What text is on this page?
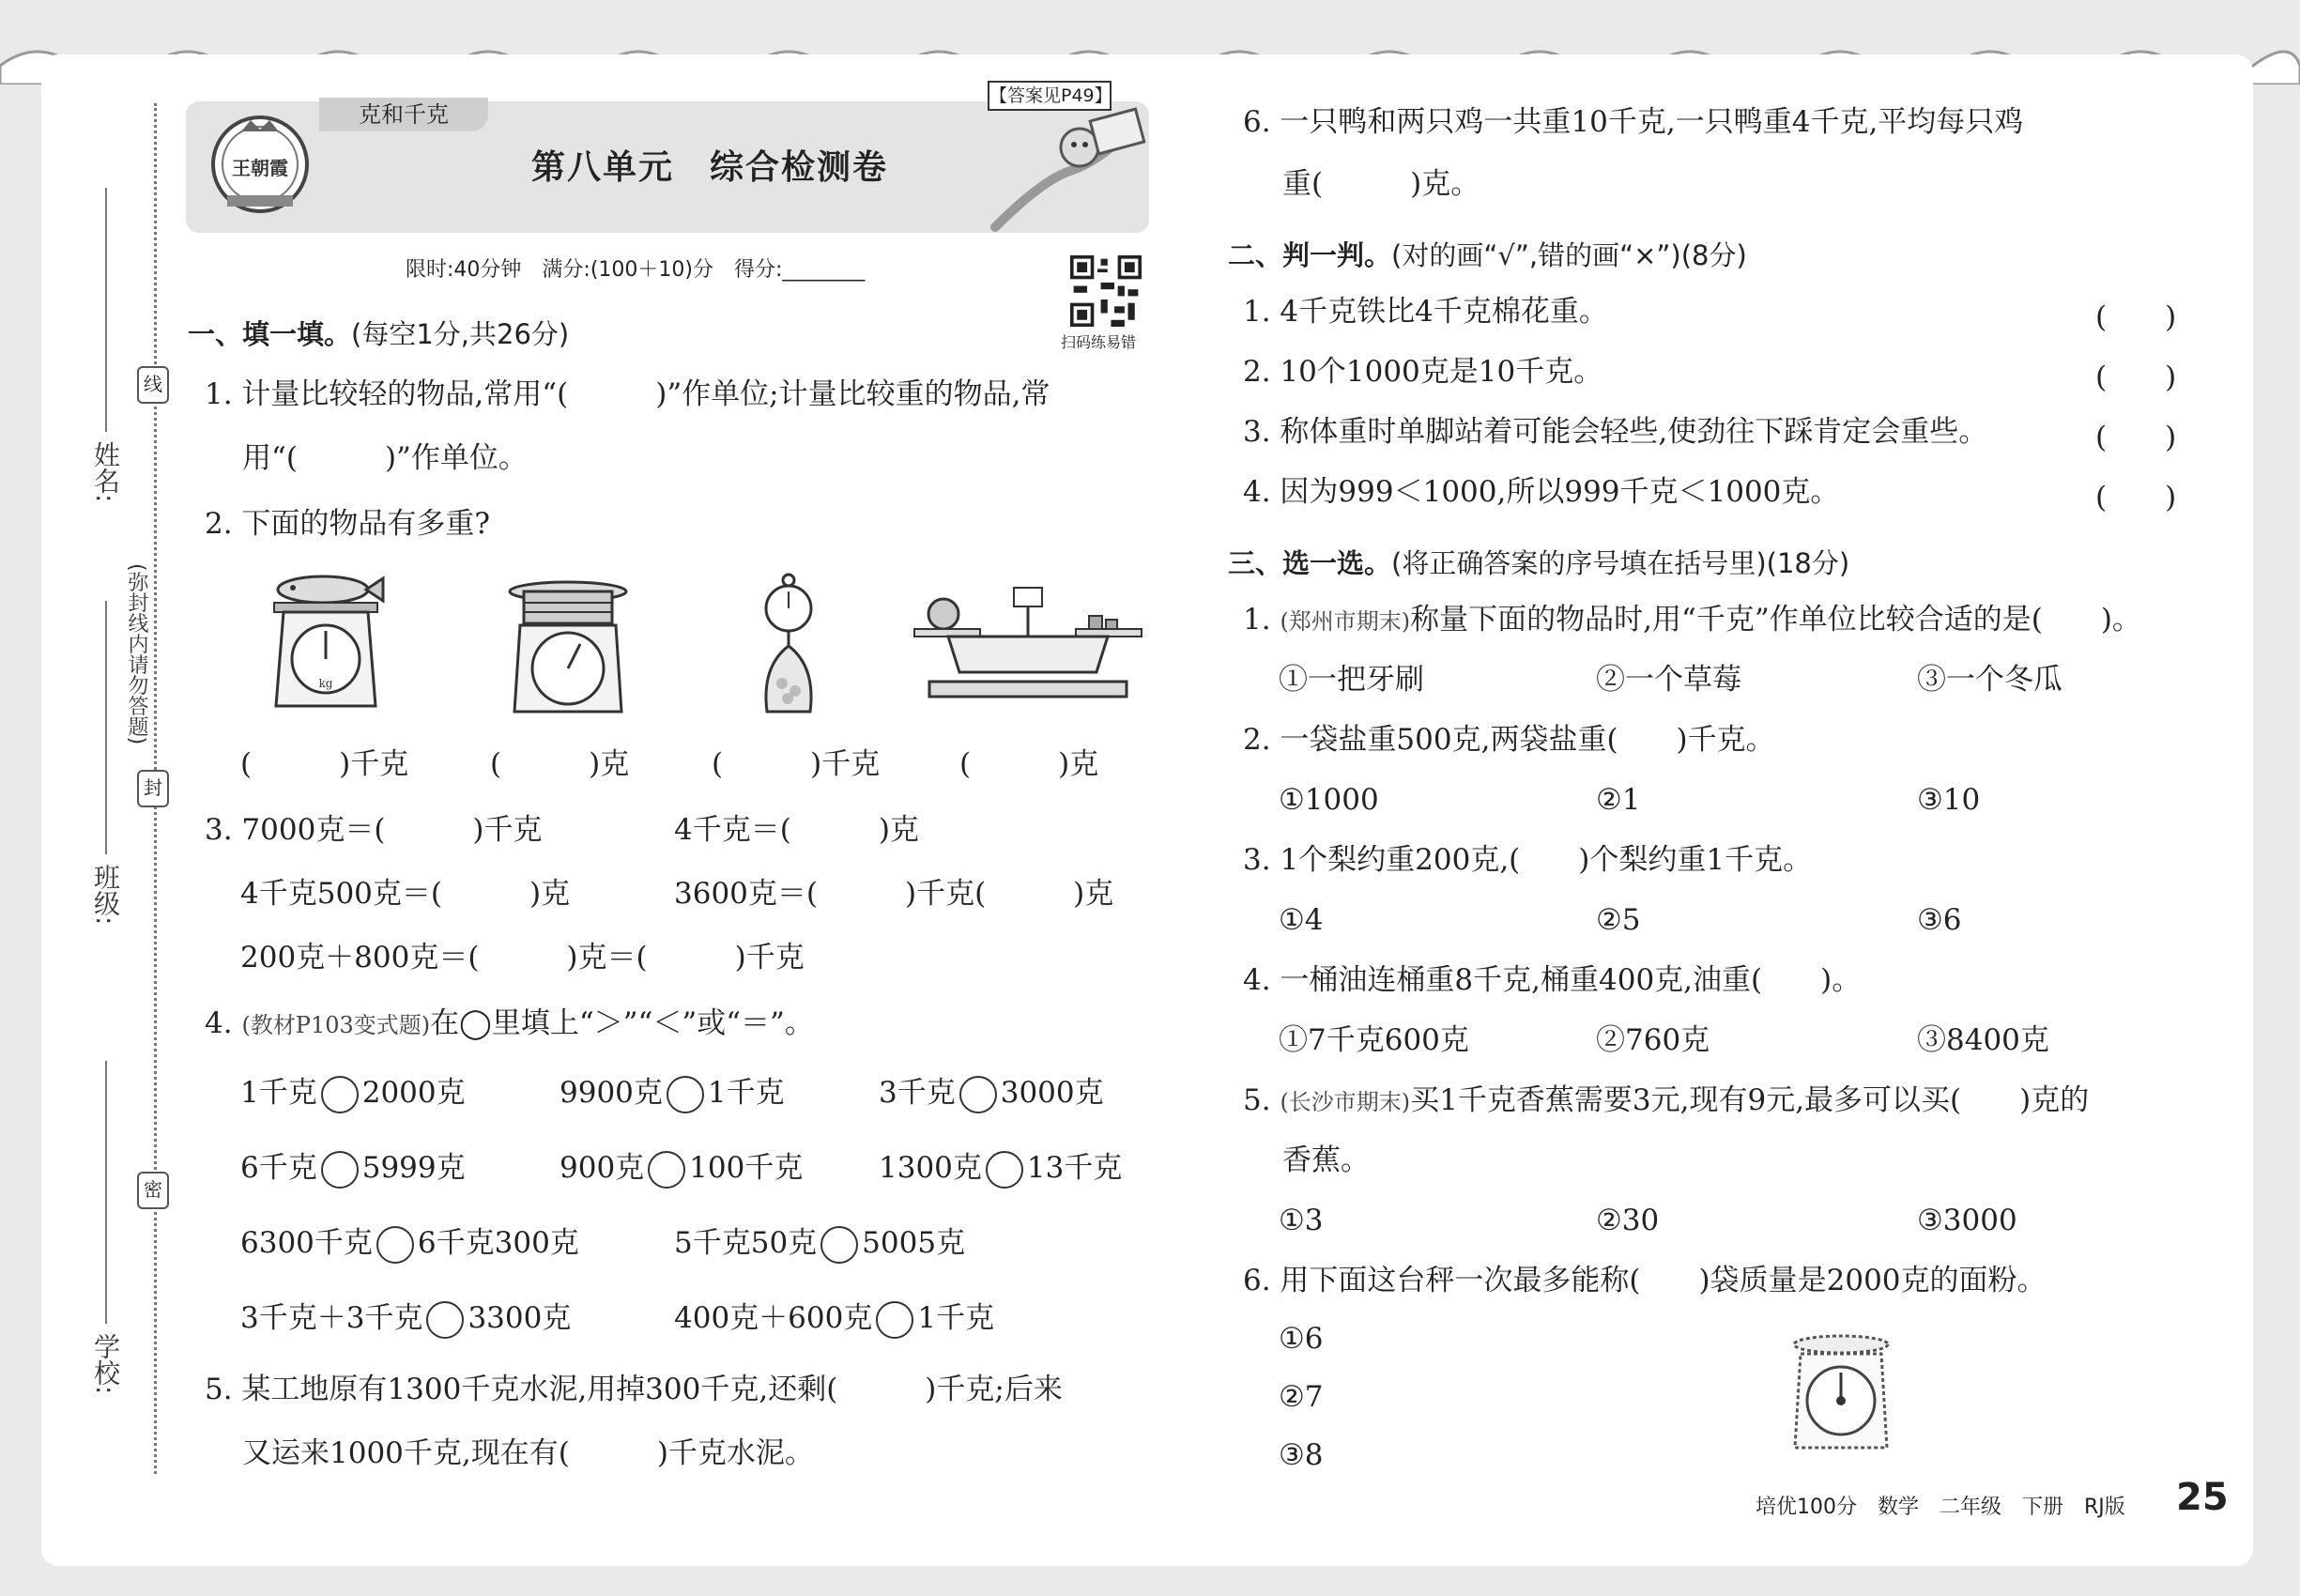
姓名:
(弥封线内请勿答题)
班级:
学校:
线
封
密
克和千克
【答案见P49】
王朝霞	第八单元　综合检测卷
限时:40分钟　满分:(100＋10)分　得分:________
扫码练易错
一、填一填。(每空1分,共26分)
1. 计量比较轻的物品,常用“(　　　)”作单位;计量比较重的物品,常
用“(　　　)”作单位。
2. 下面的物品有多重?
kg
(　　　)千克	(　　　)克	(　　　)千克	(　　　)克
3. 7000克＝(　　　)千克	4千克＝(　　　)克
4千克500克＝(　　　)克	3600克＝(　　　)千克(　　　)克
200克＋800克＝(　　　)克＝(　　　)千克
4. (教材P103变式题)在◯里填上“＞”“＜”或“＝”。
1千克 2000克	9900克 1千克	3千克 3000克
6千克 5999克	900克 100千克	1300克 13千克
6300千克 6千克300克	5千克50克 5005克
3千克＋3千克 3300克	400克＋600克 1千克
5. 某工地原有1300千克水泥,用掉300千克,还剩(　　　)千克;后来
又运来1000千克,现在有(　　　)千克水泥。
6. 一只鸭和两只鸡一共重10千克,一只鸭重4千克,平均每只鸡
重(　　　)克。
二、判一判。(对的画“√”,错的画“×”)(8分)
1. 4千克铁比4千克棉花重。	(　　)
2. 10个1000克是10千克。	(　　)
3. 称体重时单脚站着可能会轻些,使劲往下踩肯定会重些。	(　　)
4. 因为999＜1000,所以999千克＜1000克。	(　　)
三、选一选。(将正确答案的序号填在括号里)(18分)
1. (郑州市期末)称量下面的物品时,用“千克”作单位比较合适的是(　　)。
①一把牙刷	②一个草莓	③一个冬瓜
2. 一袋盐重500克,两袋盐重(　　)千克。
①1000	②1	③10
3. 1个梨约重200克,(　　)个梨约重1千克。
①4	②5	③6
4. 一桶油连桶重8千克,桶重400克,油重(　　)。
①7千克600克	②760克	③8400克
5. (长沙市期末)买1千克香蕉需要3元,现有9元,最多可以买(　　)克的
香蕉。
①3	②30	③3000
6. 用下面这台秤一次最多能称(　　)袋质量是2000克的面粉。
①6
②7
③8
培优100分　数学　二年级　下册　RJ版 25
